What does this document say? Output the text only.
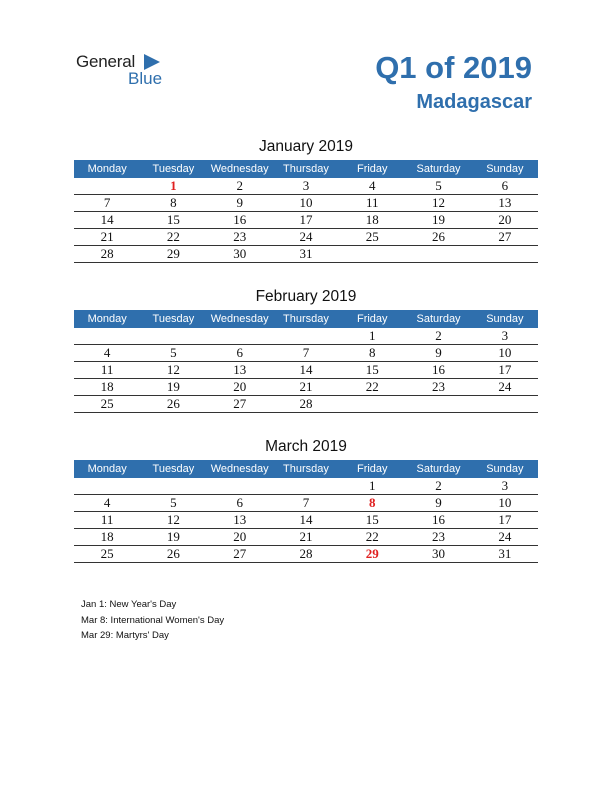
General
Blue	Q1 of 2019
Madagascar
January 2019
Monday	Tuesday	Wednesday	Thursday	Friday	Saturday	Sunday
	1	2	3	4	5	6
7	8	9	10	11	12	13
14	15	16	17	18	19	20
21	22	23	24	25	26	27
28	29	30	31			
February 2019
Monday	Tuesday	Wednesday	Thursday	Friday	Saturday	Sunday
				1	2	3
4	5	6	7	8	9	10
11	12	13	14	15	16	17
18	19	20	21	22	23	24
25	26	27	28			
March 2019
Monday	Tuesday	Wednesday	Thursday	Friday	Saturday	Sunday
				1	2	3
4	5	6	7	8	9	10
11	12	13	14	15	16	17
18	19	20	21	22	23	24
25	26	27	28	29	30	31
Jan 1: New Year's Day
Mar 8: International Women's Day
Mar 29: Martyrs' Day
